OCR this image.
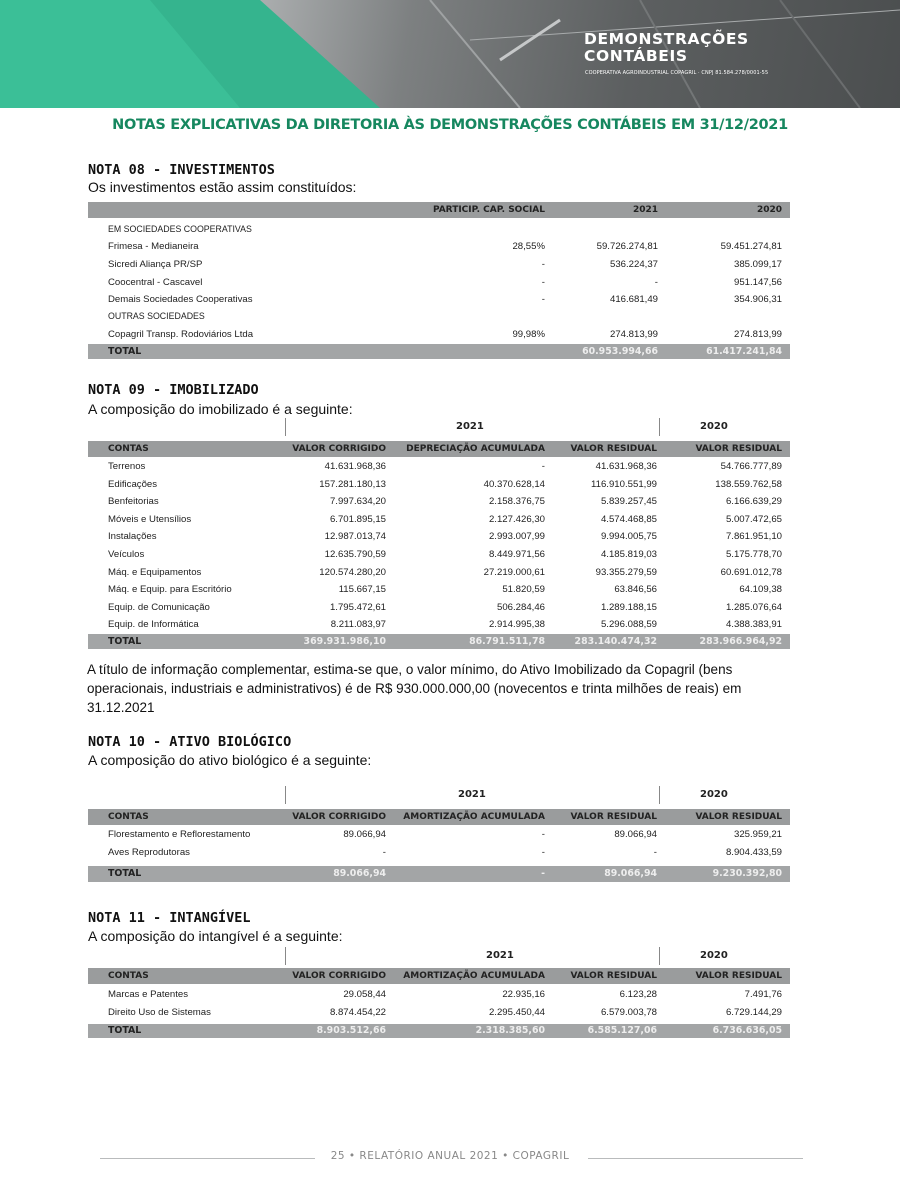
DEMONSTRAÇÕES
CONTÁBEIS
COOPERATIVA AGROINDUSTRIAL COPAGRIL · CNPJ 81.584.278/0001-55
NOTAS EXPLICATIVAS DA DIRETORIA ÀS DEMONSTRAÇÕES CONTÁBEIS EM 31/12/2021
NOTA 08 - INVESTIMENTOS
Os investimentos estão assim constituídos:
PARTICIP. CAP. SOCIAL	2021	2020
EM SOCIEDADES COOPERATIVAS
Frimesa - Medianeira	28,55%	59.726.274,81	59.451.274,81
Sicredi Aliança PR/SP	-	536.224,37	385.099,17
Coocentral - Cascavel	-	-	951.147,56
Demais Sociedades Cooperativas	-	416.681,49	354.906,31
OUTRAS SOCIEDADES
Copagril Transp. Rodoviários Ltda	99,98%	274.813,99	274.813,99
TOTAL	60.953.994,66	61.417.241,84
NOTA 09 - IMOBILIZADO
A composição do imobilizado é a seguinte:
2021	2020
CONTAS	VALOR CORRIGIDO	DEPRECIAÇÃO ACUMULADA	VALOR RESIDUAL	VALOR RESIDUAL
Terrenos	41.631.968,36	-	41.631.968,36	54.766.777,89
Edificações	157.281.180,13	40.370.628,14	116.910.551,99	138.559.762,58
Benfeitorias	7.997.634,20	2.158.376,75	5.839.257,45	6.166.639,29
Móveis e Utensílios	6.701.895,15	2.127.426,30	4.574.468,85	5.007.472,65
Instalações	12.987.013,74	2.993.007,99	9.994.005,75	7.861.951,10
Veículos	12.635.790,59	8.449.971,56	4.185.819,03	5.175.778,70
Máq. e Equipamentos	120.574.280,20	27.219.000,61	93.355.279,59	60.691.012,78
Máq. e Equip. para Escritório	115.667,15	51.820,59	63.846,56	64.109,38
Equip. de Comunicação	1.795.472,61	506.284,46	1.289.188,15	1.285.076,64
Equip. de Informática	8.211.083,97	2.914.995,38	5.296.088,59	4.388.383,91
TOTAL	369.931.986,10	86.791.511,78	283.140.474,32	283.966.964,92
A título de informação complementar, estima-se que, o valor mínimo, do Ativo Imobilizado da Copagril (bens operacionais, industriais e administrativos) é de R$ 930.000.000,00 (novecentos e trinta milhões de reais) em 31.12.2021
NOTA 10 - ATIVO BIOLÓGICO
A composição do ativo biológico é a seguinte:
2021	2020
CONTAS	VALOR CORRIGIDO	AMORTIZAÇÃO ACUMULADA	VALOR RESIDUAL	VALOR RESIDUAL
Florestamento e Reflorestamento	89.066,94	-	89.066,94	325.959,21
Aves Reprodutoras	-	-	-	8.904.433,59
TOTAL	89.066,94	-	89.066,94	9.230.392,80
NOTA 11 - INTANGÍVEL
A composição do intangível é a seguinte:
2021	2020
CONTAS	VALOR CORRIGIDO	AMORTIZAÇÃO ACUMULADA	VALOR RESIDUAL	VALOR RESIDUAL
Marcas e Patentes	29.058,44	22.935,16	6.123,28	7.491,76
Direito Uso de Sistemas	8.874.454,22	2.295.450,44	6.579.003,78	6.729.144,29
TOTAL	8.903.512,66	2.318.385,60	6.585.127,06	6.736.636,05
25 • RELATÓRIO ANUAL 2021 • COPAGRIL
